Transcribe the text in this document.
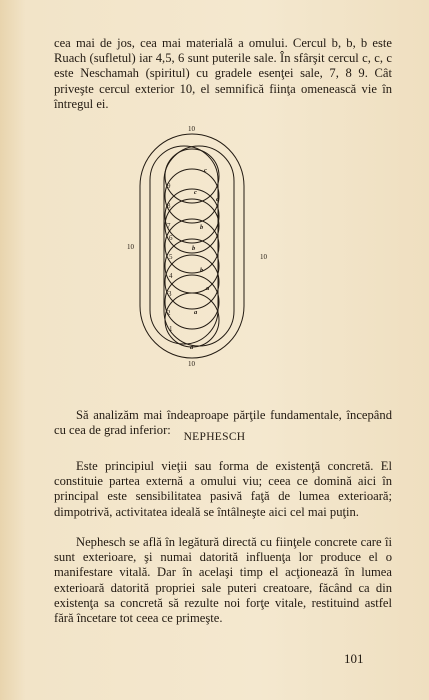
cea mai de jos, cea mai materială a omului. Cercul b, b, b este Ruach (sufletul) iar 4,5, 6 sunt puterile sale. În sfârşit cercul c, c, c este Neschamah (spiritul) cu gradele esenţei sale, 7, 8 9. Cât priveşte cercul exterior 10, el semnifică fiinţa omenească vie în întregul ei.

10
10
10
10
9
8
7
6
5
4
3
2
1
c
c
c
b
b
b
a
a
a

Să analizăm mai îndeaproape părţile fundamentale, începând cu cea de grad inferior:	NEPHESCH

Este principiul vieţii sau forma de existenţă concretă. El constituie partea externă a omului viu; ceea ce domină aici în principal este sensibilitatea pasivă faţă de lumea exterioară; dimpotrivă, activitatea ideală se întâlneşte aici cel mai puţin.

Nephesch se află în legătură directă cu fiinţele concrete care îi sunt exterioare, şi numai datorită influenţa lor produce el o manifestare vitală. Dar în acelaşi timp el acţionează în lumea exterioară datorită propriei sale puteri creatoare, făcând ca din existenţa sa concretă să rezulte noi forţe vitale, restituind astfel fără încetare tot ceea ce primeşte.

101
